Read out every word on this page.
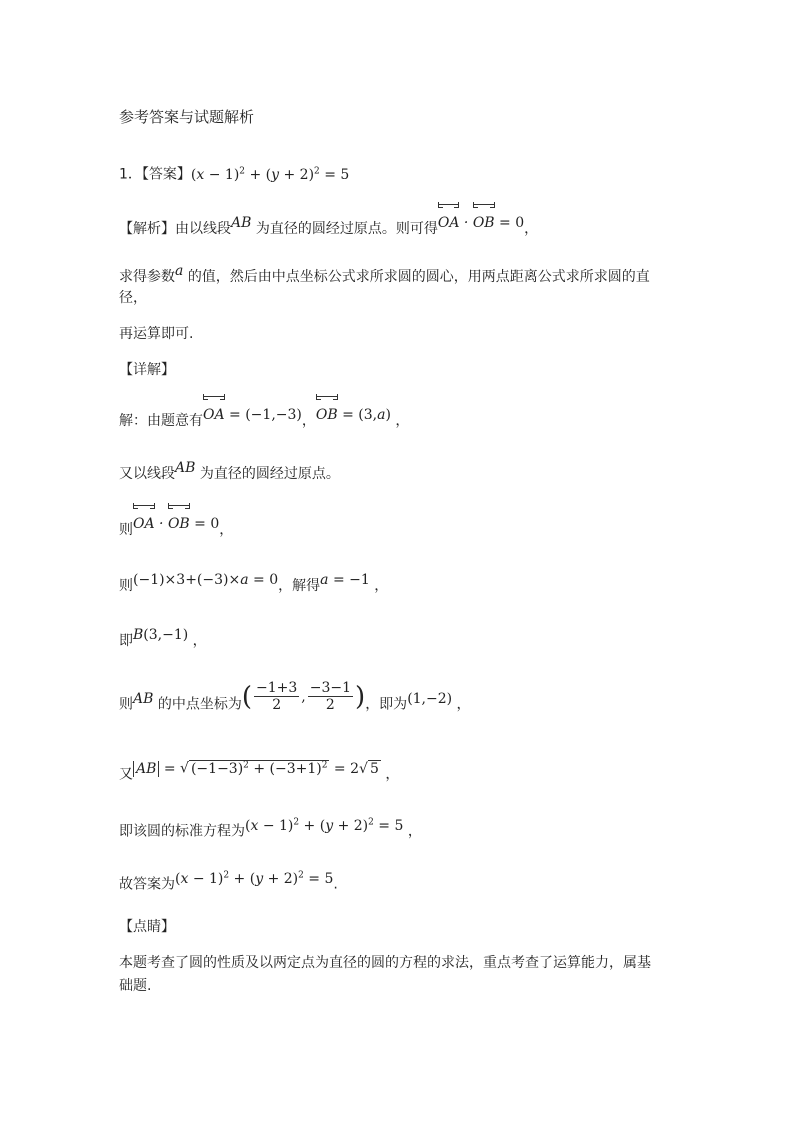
参考答案与试题解析
1．【答案】$(x - 1)^2 + (y + 2)^2 = 5$
【解析】由以线段AB 为直径的圆经过原点。则可得OA
· OB = 0，
求得参数a 的值，然后由中点坐标公式求所求圆的圆心，用两点距离公式求所求圆的直
径，
再运算即可.
【详解】
解：由题意有OA
= (−1,−3)，OB
= (3,a) ，
又以线段AB 为直径的圆经过原点。
则OA
· OB
= 0，
则(−1)×3+(−3)×a = 0，解得a = −1 ，
即B(3,−1) ，
则AB 的中点坐标为( $\frac{-1+3}{2}$ , $\frac{-3-1}{2}$ )，即为(1,−2) ，
又 AB = √ $(-1-3)^2 + (-3+1)^2 = 2√$ 5 ，
即该圆的标准方程为$(x - 1)^2 + (y + 2)^2 = 5$ ，
故答案为$(x - 1)^2 + (y + 2)^2 = 5$.
【点睛】
本题考查了圆的性质及以两定点为直径的圆的方程的求法，重点考查了运算能力，属基
础题.
